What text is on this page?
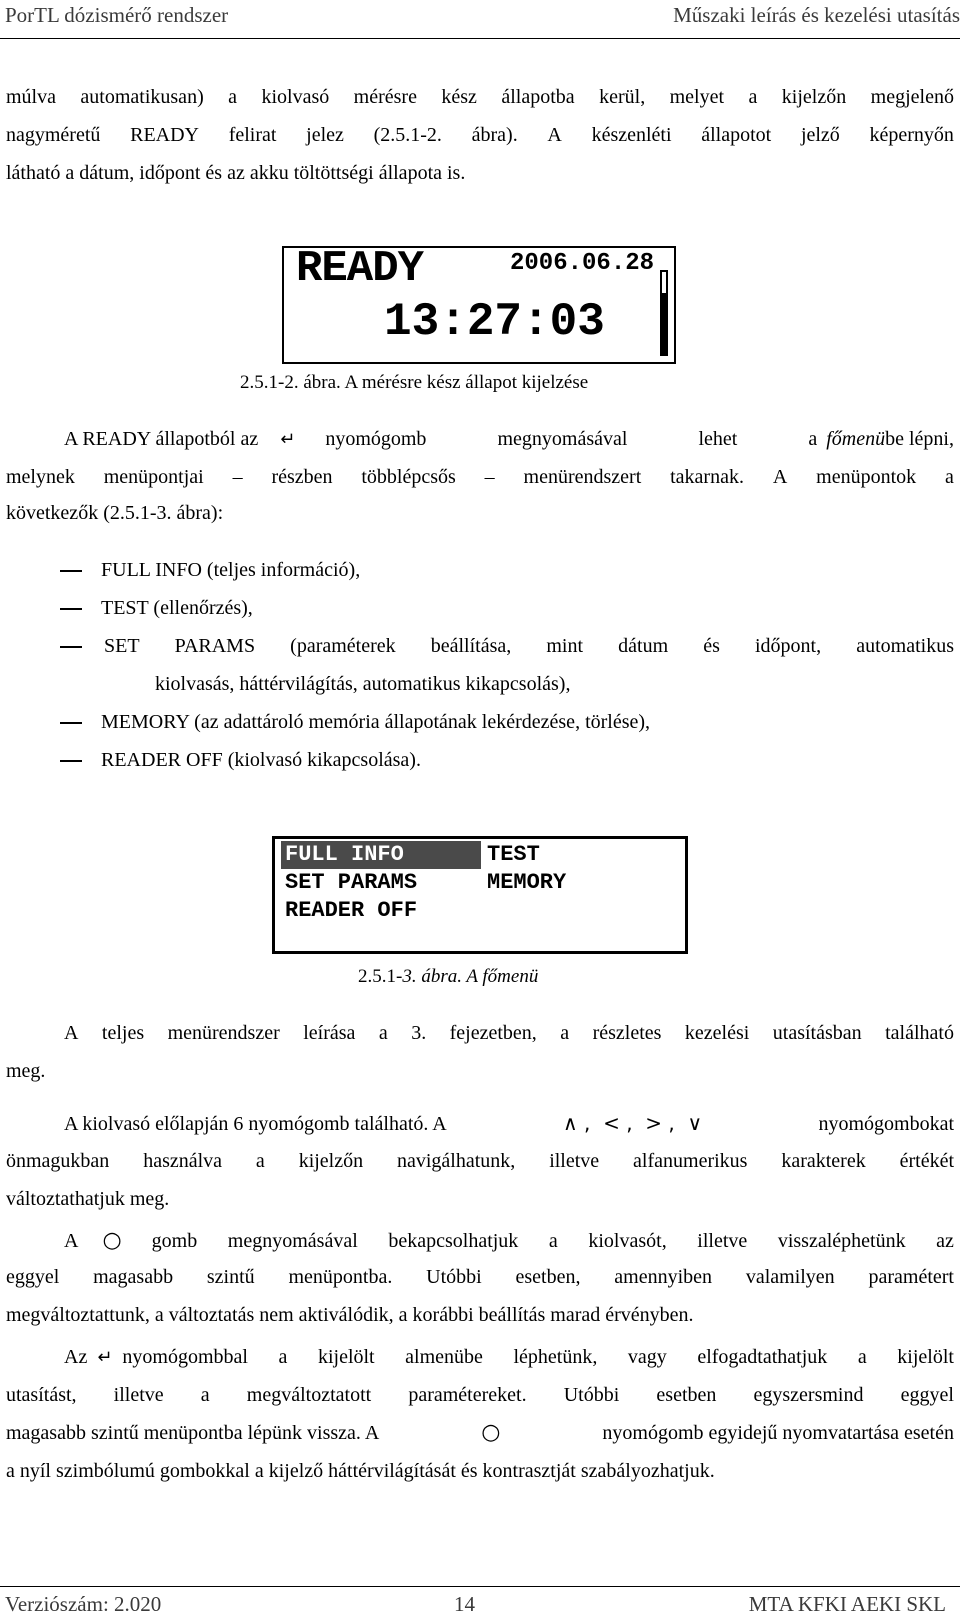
PorTL dózismérő rendszer	Műszaki leírás és kezelési utasítás
múlva automatikusan) a kiolvasó mérésre kész állapotba kerül, melyet a kijelzőn megjelenő
nagyméretű READY felirat jelez (2.5.1-2. ábra). A készenléti állapotot jelző képernyőn
látható a dátum, időpont és az akku töltöttségi állapota is.
READY	2006.06.28
13:27:03
2.5.1-2. ábra. A mérésre kész állapot kijelzése
A READY állapotból az ↵ nyomógomb	megnyomásával	lehet	a főmenü be lépni,
melynek menüpontjai – részben többlépcsős – menürendszert takarnak. A menüpontok a
következők (2.5.1-3. ábra):
FULL INFO (teljes információ),
TEST (ellenőrzés),
SET PARAMS (paraméterek beállítása, mint dátum és időpont, automatikus
kiolvasás, háttérvilágítás, automatikus kikapcsolás),
MEMORY (az adattároló memória állapotának lekérdezése, törlése),
READER OFF (kiolvasó kikapcsolása).
FULL INFO	TEST
SET PARAMS	MEMORY
READER OFF
2.5.1-3. ábra. A főmenü
A teljes menürendszer leírása a 3. fejezetben, a részletes kezelési utasításban található
meg.
A kiolvasó előlapján 6 nyomógomb található. A	∧ ,  < ,  > ,  ∨	nyomógombokat
önmagukban használva a kijelzőn navigálhatunk, illetve alfanumerikus karakterek értékét
változtathatjuk meg.
A ○ gomb megnyomásával bekapcsolhatjuk a kiolvasót, illetve visszaléphetünk az
eggyel magasabb szintű menüpontba. Utóbbi esetben, amennyiben valamilyen paramétert
megváltoztattunk, a változtatás nem aktiválódik, a korábbi beállítás marad érvényben.
Az ↵ nyomógombbal a kijelölt almenübe léphetünk, vagy elfogadtathatjuk a kijelölt
utasítást, illetve a megváltoztatott paramétereket. Utóbbi esetben egyszersmind eggyel
magasabb szintű menüpontba lépünk vissza. A	○	nyomógomb egyidejű nyomvatartása esetén
a nyíl szimbólumú gombokkal a kijelző háttérvilágítását és kontrasztját szabályozhatjuk.
Verziószám: 2.020	14	MTA KFKI AEKI SKL
